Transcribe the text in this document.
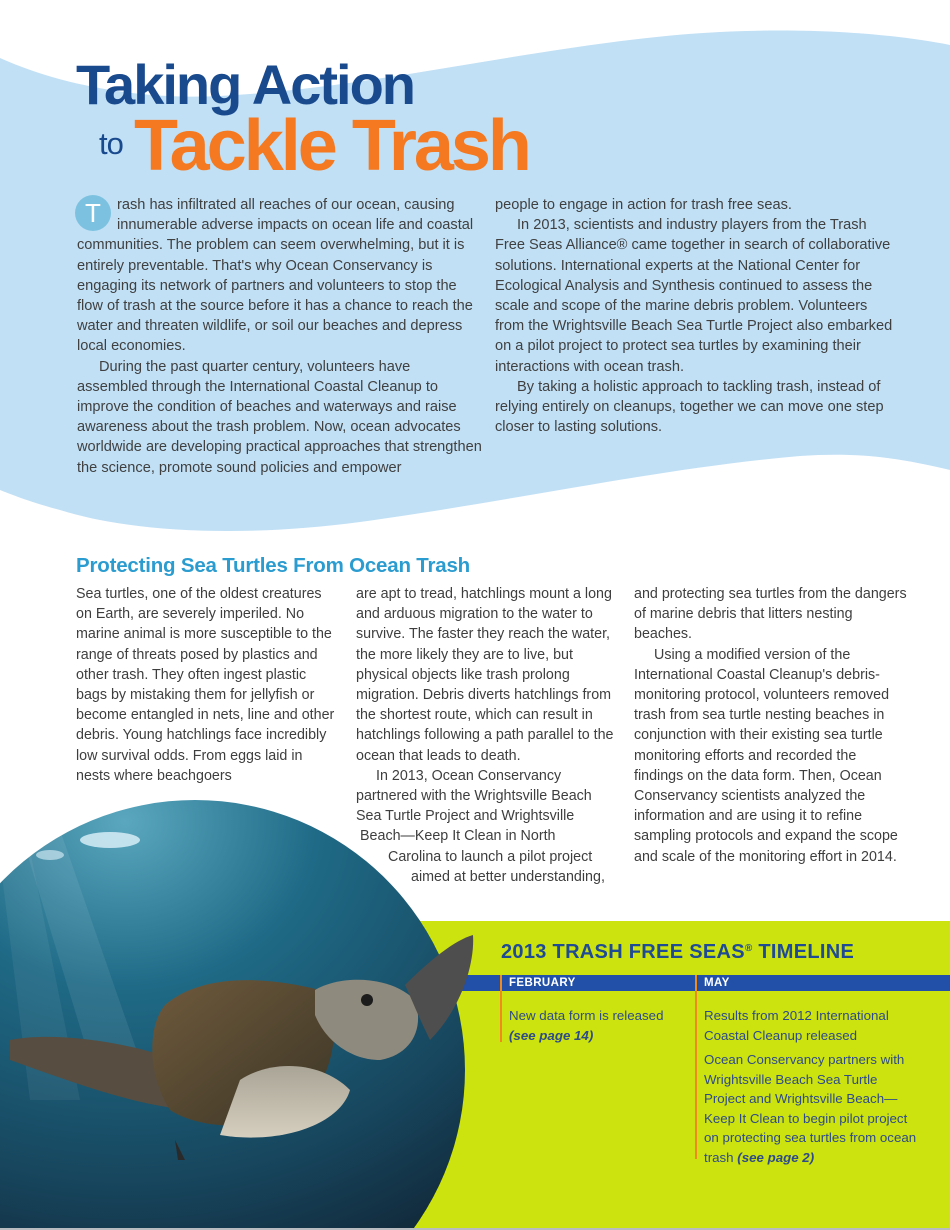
Taking Action
to Tackle Trash

T	rash has infiltrated all reaches of our ocean, causing innumerable adverse impacts on ocean life and coastal communities. The problem can seem overwhelming, but it is entirely preventable. That's why Ocean Conservancy is engaging its network of partners and volunteers to stop the flow of trash at the source before it has a chance to reach the water and threaten wildlife, or soil our beaches and depress local economies.

During the past quarter century, volunteers have assembled through the International Coastal Cleanup to improve the condition of beaches and waterways and raise awareness about the trash problem. Now, ocean advocates worldwide are developing practical approaches that strengthen the science, promote sound policies and empower

people to engage in action for trash free seas.

In 2013, scientists and industry players from the Trash Free Seas Alliance® came together in search of collaborative solutions. International experts at the National Center for Ecological Analysis and Synthesis continued to assess the scale and scope of the marine debris problem. Volunteers from the Wrightsville Beach Sea Turtle Project also embarked on a pilot project to protect sea turtles by examining their interactions with ocean trash.

By taking a holistic approach to tackling trash, instead of relying entirely on cleanups, together we can move one step closer to lasting solutions.

Protecting Sea Turtles From Ocean Trash

Sea turtles, one of the oldest creatures on Earth, are severely imperiled. No marine animal is more susceptible to the range of threats posed by plastics and other trash. They often ingest plastic bags by mistaking them for jellyfish or become entangled in nets, line and other debris. Young hatchlings face incredibly low survival odds. From eggs laid in nests where beachgoers

are apt to tread, hatchlings mount a long and arduous migration to the water to survive. The faster they reach the water, the more likely they are to live, but physical objects like trash prolong migration. Debris diverts hatchlings from the shortest route, which can result in hatchlings following a path parallel to the ocean that leads to death.

In 2013, Ocean Conservancy
partnered with the Wrightsville Beach
Sea Turtle Project and Wrightsville
Beach—Keep It Clean in North
Carolina to launch a pilot project
aimed at better understanding,

and protecting sea turtles from the dangers of marine debris that litters nesting beaches.

Using a modified version of the International Coastal Cleanup's debris-monitoring protocol, volunteers removed trash from sea turtle nesting beaches in conjunction with their existing sea turtle monitoring efforts and recorded the findings on the data form. Then, Ocean Conservancy scientists analyzed the information and are using it to refine sampling protocols and expand the scope and scale of the monitoring effort in 2014.

2013 TRASH FREE SEAS® TIMELINE
FEBRUARY	MAY
New data form is released (see page 14)
Results from 2012 International Coastal Cleanup released
Ocean Conservancy partners with Wrightsville Beach Sea Turtle Project and Wrightsville Beach—Keep It Clean to begin pilot project on protecting sea turtles from ocean trash (see page 2)
